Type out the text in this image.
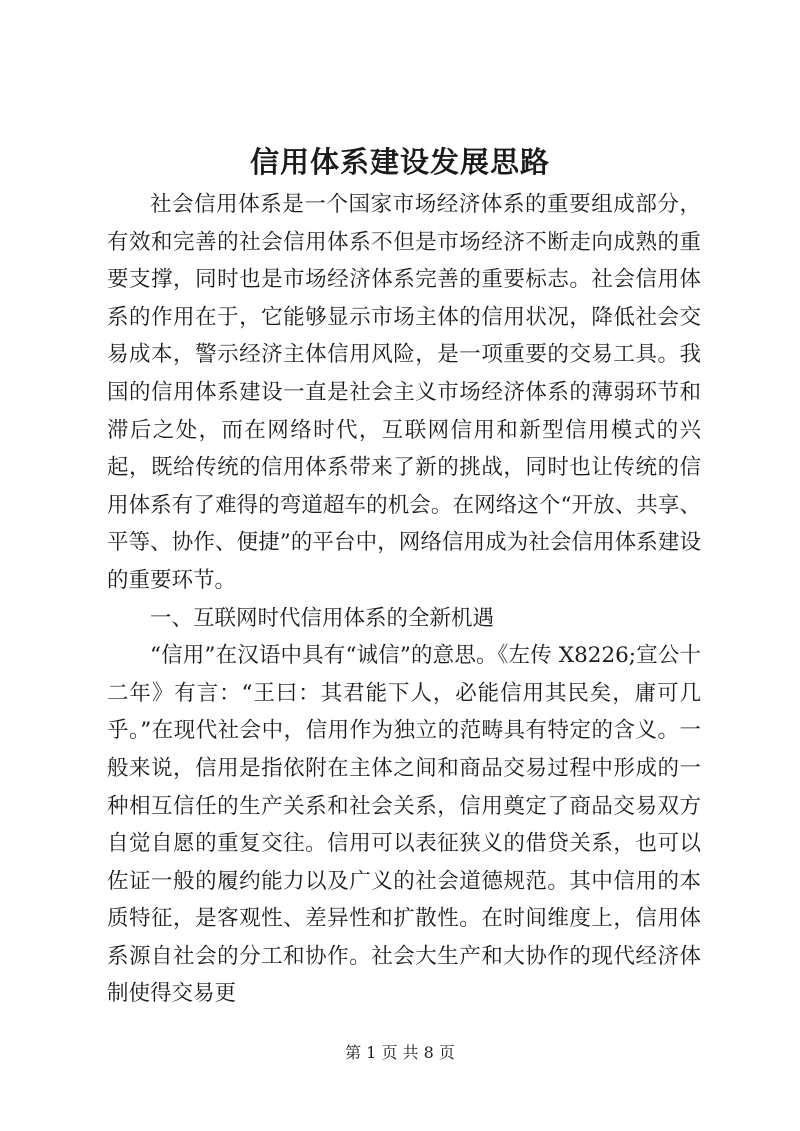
信用体系建设发展思路

社会信用体系是一个国家市场经济体系的重要组成部分，有效和完善的社会信用体系不但是市场经济不断走向成熟的重要支撑，同时也是市场经济体系完善的重要标志。社会信用体系的作用在于，它能够显示市场主体的信用状况，降低社会交易成本，警示经济主体信用风险，是一项重要的交易工具。我国的信用体系建设一直是社会主义市场经济体系的薄弱环节和滞后之处，而在网络时代，互联网信用和新型信用模式的兴起，既给传统的信用体系带来了新的挑战，同时也让传统的信用体系有了难得的弯道超车的机会。在网络这个“开放、共享、平等、协作、便捷”的平台中，网络信用成为社会信用体系建设的重要环节。

一、互联网时代信用体系的全新机遇

“信用”在汉语中具有“诚信”的意思。《左传 X8226;宣公十二年》有言：“王曰：其君能下人，必能信用其民矣，庸可几乎。”在现代社会中，信用作为独立的范畴具有特定的含义。一般来说，信用是指依附在主体之间和商品交易过程中形成的一种相互信任的生产关系和社会关系，信用奠定了商品交易双方自觉自愿的重复交往。信用可以表征狭义的借贷关系，也可以佐证一般的履约能力以及广义的社会道德规范。其中信用的本质特征，是客观性、差异性和扩散性。在时间维度上，信用体系源自社会的分工和协作。社会大生产和大协作的现代经济体制使得交易更

第 1 页 共 8 页
